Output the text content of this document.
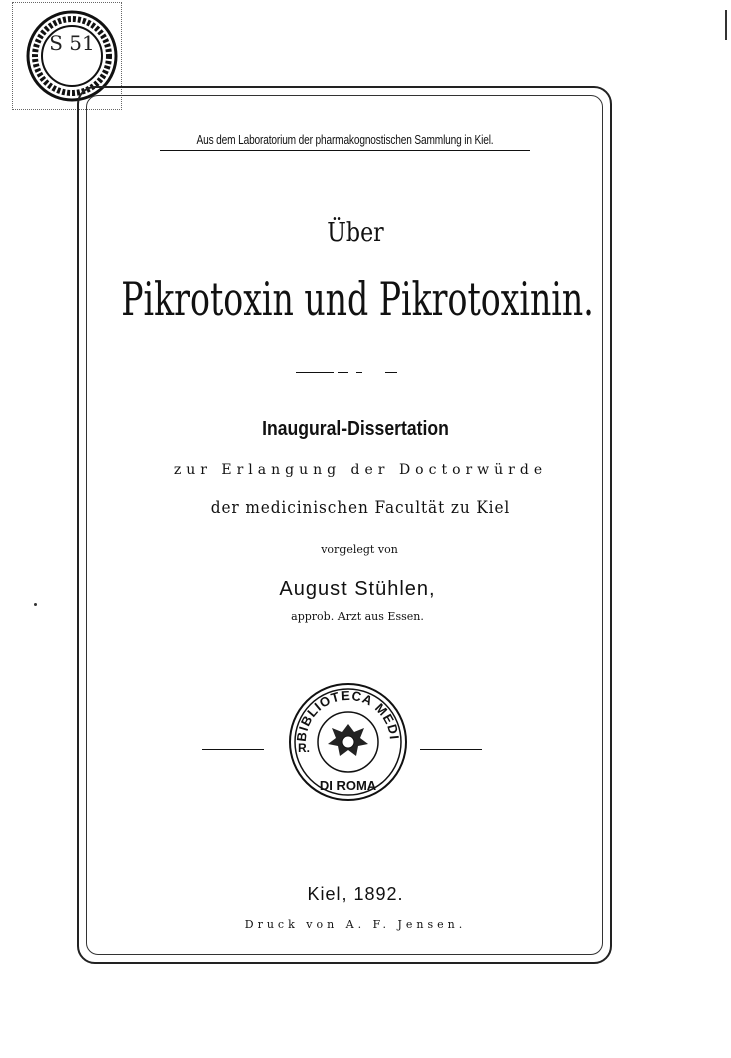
S 51
Aus dem Laboratorium der pharmakognostischen Sammlung in Kiel.
Über
Pikrotoxin und Pikrotoxinin.
Inaugural-Dissertation
zur Erlangung der Doctorwürde
der medicinischen Facultät zu Kiel
vorgelegt von
August Stühlen,
approb. Arzt aus Essen.
BIBLIOTECA MEDI
R.
DI ROMA
Kiel, 1892.
Druck von A. F. Jensen.
